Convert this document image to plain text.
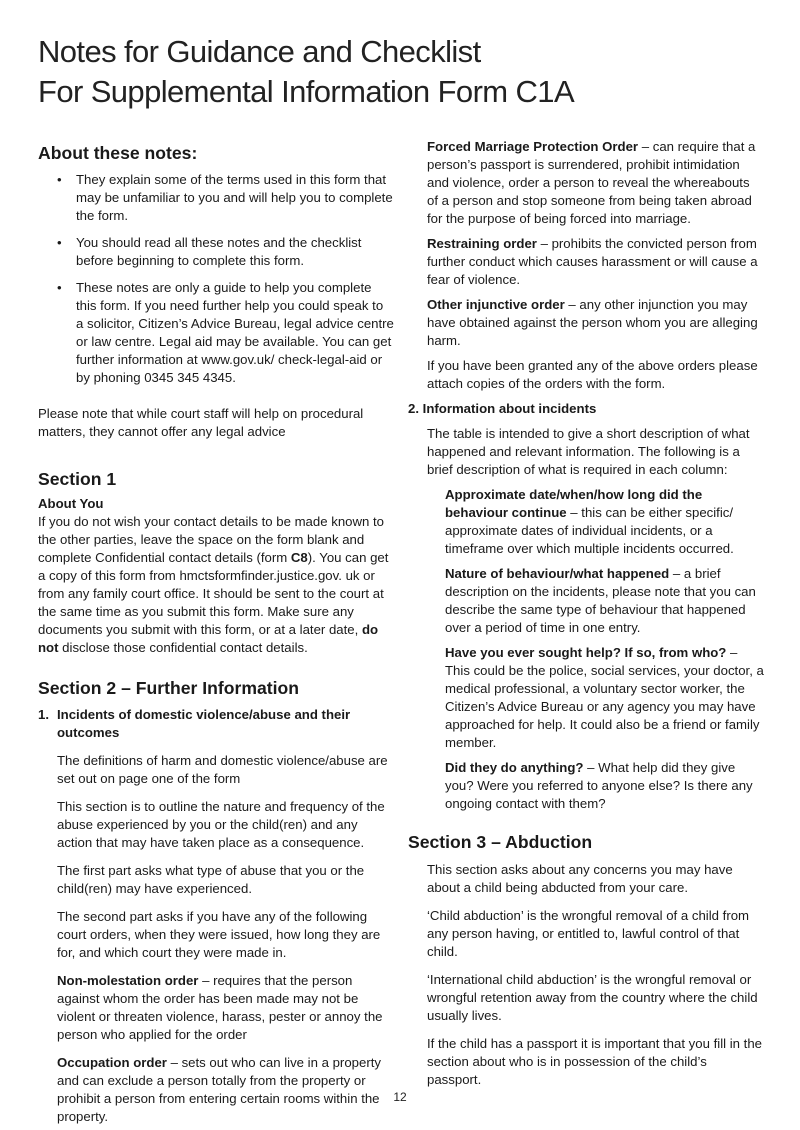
Notes for Guidance and Checklist
For Supplemental Information Form C1A
About these notes:
• They explain some of the terms used in this form that may be unfamiliar to you and will help you to complete the form.
• You should read all these notes and the checklist before beginning to complete this form.
• These notes are only a guide to help you complete this form. If you need further help you could speak to a solicitor, Citizen’s Advice Bureau, legal advice centre or law centre. Legal aid may be available. You can get further information at www.gov.uk/ check-legal-aid or by phoning 0345 345 4345.

Please note that while court staff will help on procedural matters, they cannot offer any legal advice

Section 1

About You

If you do not wish your contact details to be made known to the other parties, leave the space on the form blank and complete Confidential contact details (form C8). You can get a copy of this form from hmctsformfinder.justice.gov. uk or from any family court office. It should be sent to the court at the same time as you submit this form. Make sure any documents you submit with this form, or at a later date, do not disclose those confidential contact details.

Section 2 – Further Information
1. Incidents of domestic violence/abuse and their outcomes

The definitions of harm and domestic violence/abuse are set out on page one of the form

This section is to outline the nature and frequency of the abuse experienced by you or the child(ren) and any action that may have taken place as a consequence.

The first part asks what type of abuse that you or the child(ren) may have experienced.

The second part asks if you have any of the following court orders, when they were issued, how long they are for, and which court they were made in.

Non-molestation order – requires that the person against whom the order has been made may not be violent or threaten violence, harass, pester or annoy the person who applied for the order

Occupation order – sets out who can live in a property and can exclude a person totally from the property or prohibit a person from entering certain rooms within the property.

Forced Marriage Protection Order – can require that a person’s passport is surrendered, prohibit intimidation and violence, order a person to reveal the whereabouts of a person and stop someone from being taken abroad for the purpose of being forced into marriage.

Restraining order – prohibits the convicted person from further conduct which causes harassment or will cause a fear of violence.

Other injunctive order – any other injunction you may have obtained against the person whom you are alleging harm.

If you have been granted any of the above orders please attach copies of the orders with the form.

2. Information about incidents

The table is intended to give a short description of what happened and relevant information. The following is a brief description of what is required in each column:

Approximate date/when/how long did the behaviour continue – this can be either specific/ approximate dates of individual incidents, or a timeframe over which multiple incidents occurred.

Nature of behaviour/what happened – a brief description on the incidents, please note that you can describe the same type of behaviour that happened over a period of time in one entry.

Have you ever sought help? If so, from who? – This could be the police, social services, your doctor, a medical professional, a voluntary sector worker, the Citizen’s Advice Bureau or any agency you may have approached for help. It could also be a friend or family member.

Did they do anything? – What help did they give you? Were you referred to anyone else? Is there any ongoing contact with them?

Section 3 – Abduction

This section asks about any concerns you may have about a child being abducted from your care.

‘Child abduction’ is the wrongful removal of a child from any person having, or entitled to, lawful control of that child.

‘International child abduction’ is the wrongful removal or wrongful retention away from the country where the child usually lives.

If the child has a passport it is important that you fill in the section about who is in possession of the child’s passport.

12
